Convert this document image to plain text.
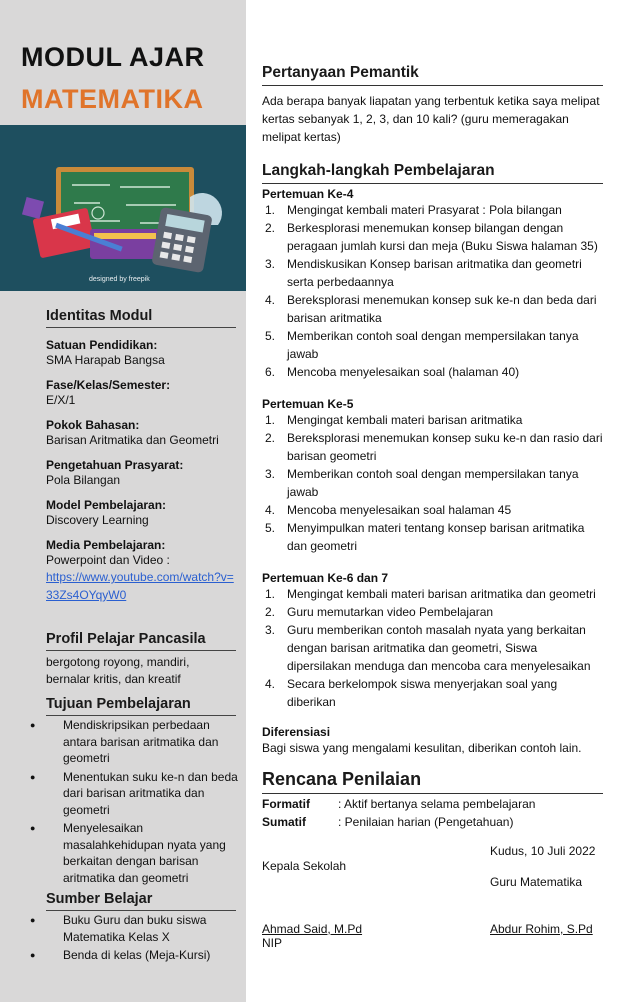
MODUL AJAR
MATEMATIKA
designed by freepik
Identitas Modul
Satuan Pendidikan:
SMA Harapab Bangsa
Fase/Kelas/Semester:
E/X/1
Pokok Bahasan:
Barisan Aritmatika dan Geometri
Pengetahuan Prasyarat:
Pola Bilangan
Model Pembelajaran:
Discovery Learning
Media Pembelajaran:
Powerpoint dan Video :
https://www.youtube.com/watch?v=33Zs4OYqyW0
Profil Pelajar Pancasila
bergotong royong, mandiri, bernalar kritis, dan kreatif
Tujuan Pembelajaran
● Mendiskripsikan perbedaan antara barisan aritmatika dan geometri
● Menentukan suku ke-n dan beda dari barisan aritmatika dan geometri
● Menyelesaikan masalahkehidupan nyata yang berkaitan dengan barisan aritmatika dan geometri
Sumber Belajar
● Buku Guru dan buku siswa Matematika Kelas X
● Benda di kelas (Meja-Kursi)
Pertanyaan Pemantik
Ada berapa banyak liapatan yang terbentuk ketika saya melipat kertas sebanyak 1, 2, 3, dan 10 kali? (guru memeragakan melipat kertas)
Langkah-langkah Pembelajaran
Pertemuan Ke-4
1. Mengingat kembali materi Prasyarat : Pola bilangan
2. Berkesplorasi menemukan konsep bilangan dengan peragaan jumlah kursi dan meja (Buku Siswa halaman 35)
3. Mendiskusikan Konsep barisan aritmatika dan geometri serta perbedaannya
4. Bereksplorasi menemukan konsep suk ke-n dan beda dari barisan aritmatika
5. Memberikan contoh soal dengan mempersilakan tanya jawab
6. Mencoba menyelesaikan soal (halaman 40)
Pertemuan Ke-5
1. Mengingat kembali materi barisan aritmatika
2. Bereksplorasi menemukan konsep suku ke-n dan rasio dari barisan geometri
3. Memberikan contoh soal dengan mempersilakan tanya jawab
4. Mencoba menyelesaikan soal halaman 45
5. Menyimpulkan materi tentang konsep barisan aritmatika dan geometri
Pertemuan Ke-6 dan 7
1. Mengingat kembali materi barisan aritmatika dan geometri
2. Guru memutarkan video Pembelajaran
3. Guru memberikan contoh masalah nyata yang berkaitan dengan barisan aritmatika dan geometri, Siswa dipersilakan menduga dan mencoba cara menyelesaikan
4. Secara berkelompok siswa menyerjakan soal yang diberikan
Diferensiasi
Bagi siswa yang mengalami kesulitan, diberikan contoh lain.
Rencana Penilaian
Formatif	: Aktif bertanya selama pembelajaran
Sumatif	: Penilaian harian (Pengetahuan)
Kudus, 10 Juli 2022
Kepala Sekolah
Guru Matematika
Ahmad Said, M.Pd
NIP
Abdur Rohim, S.Pd
